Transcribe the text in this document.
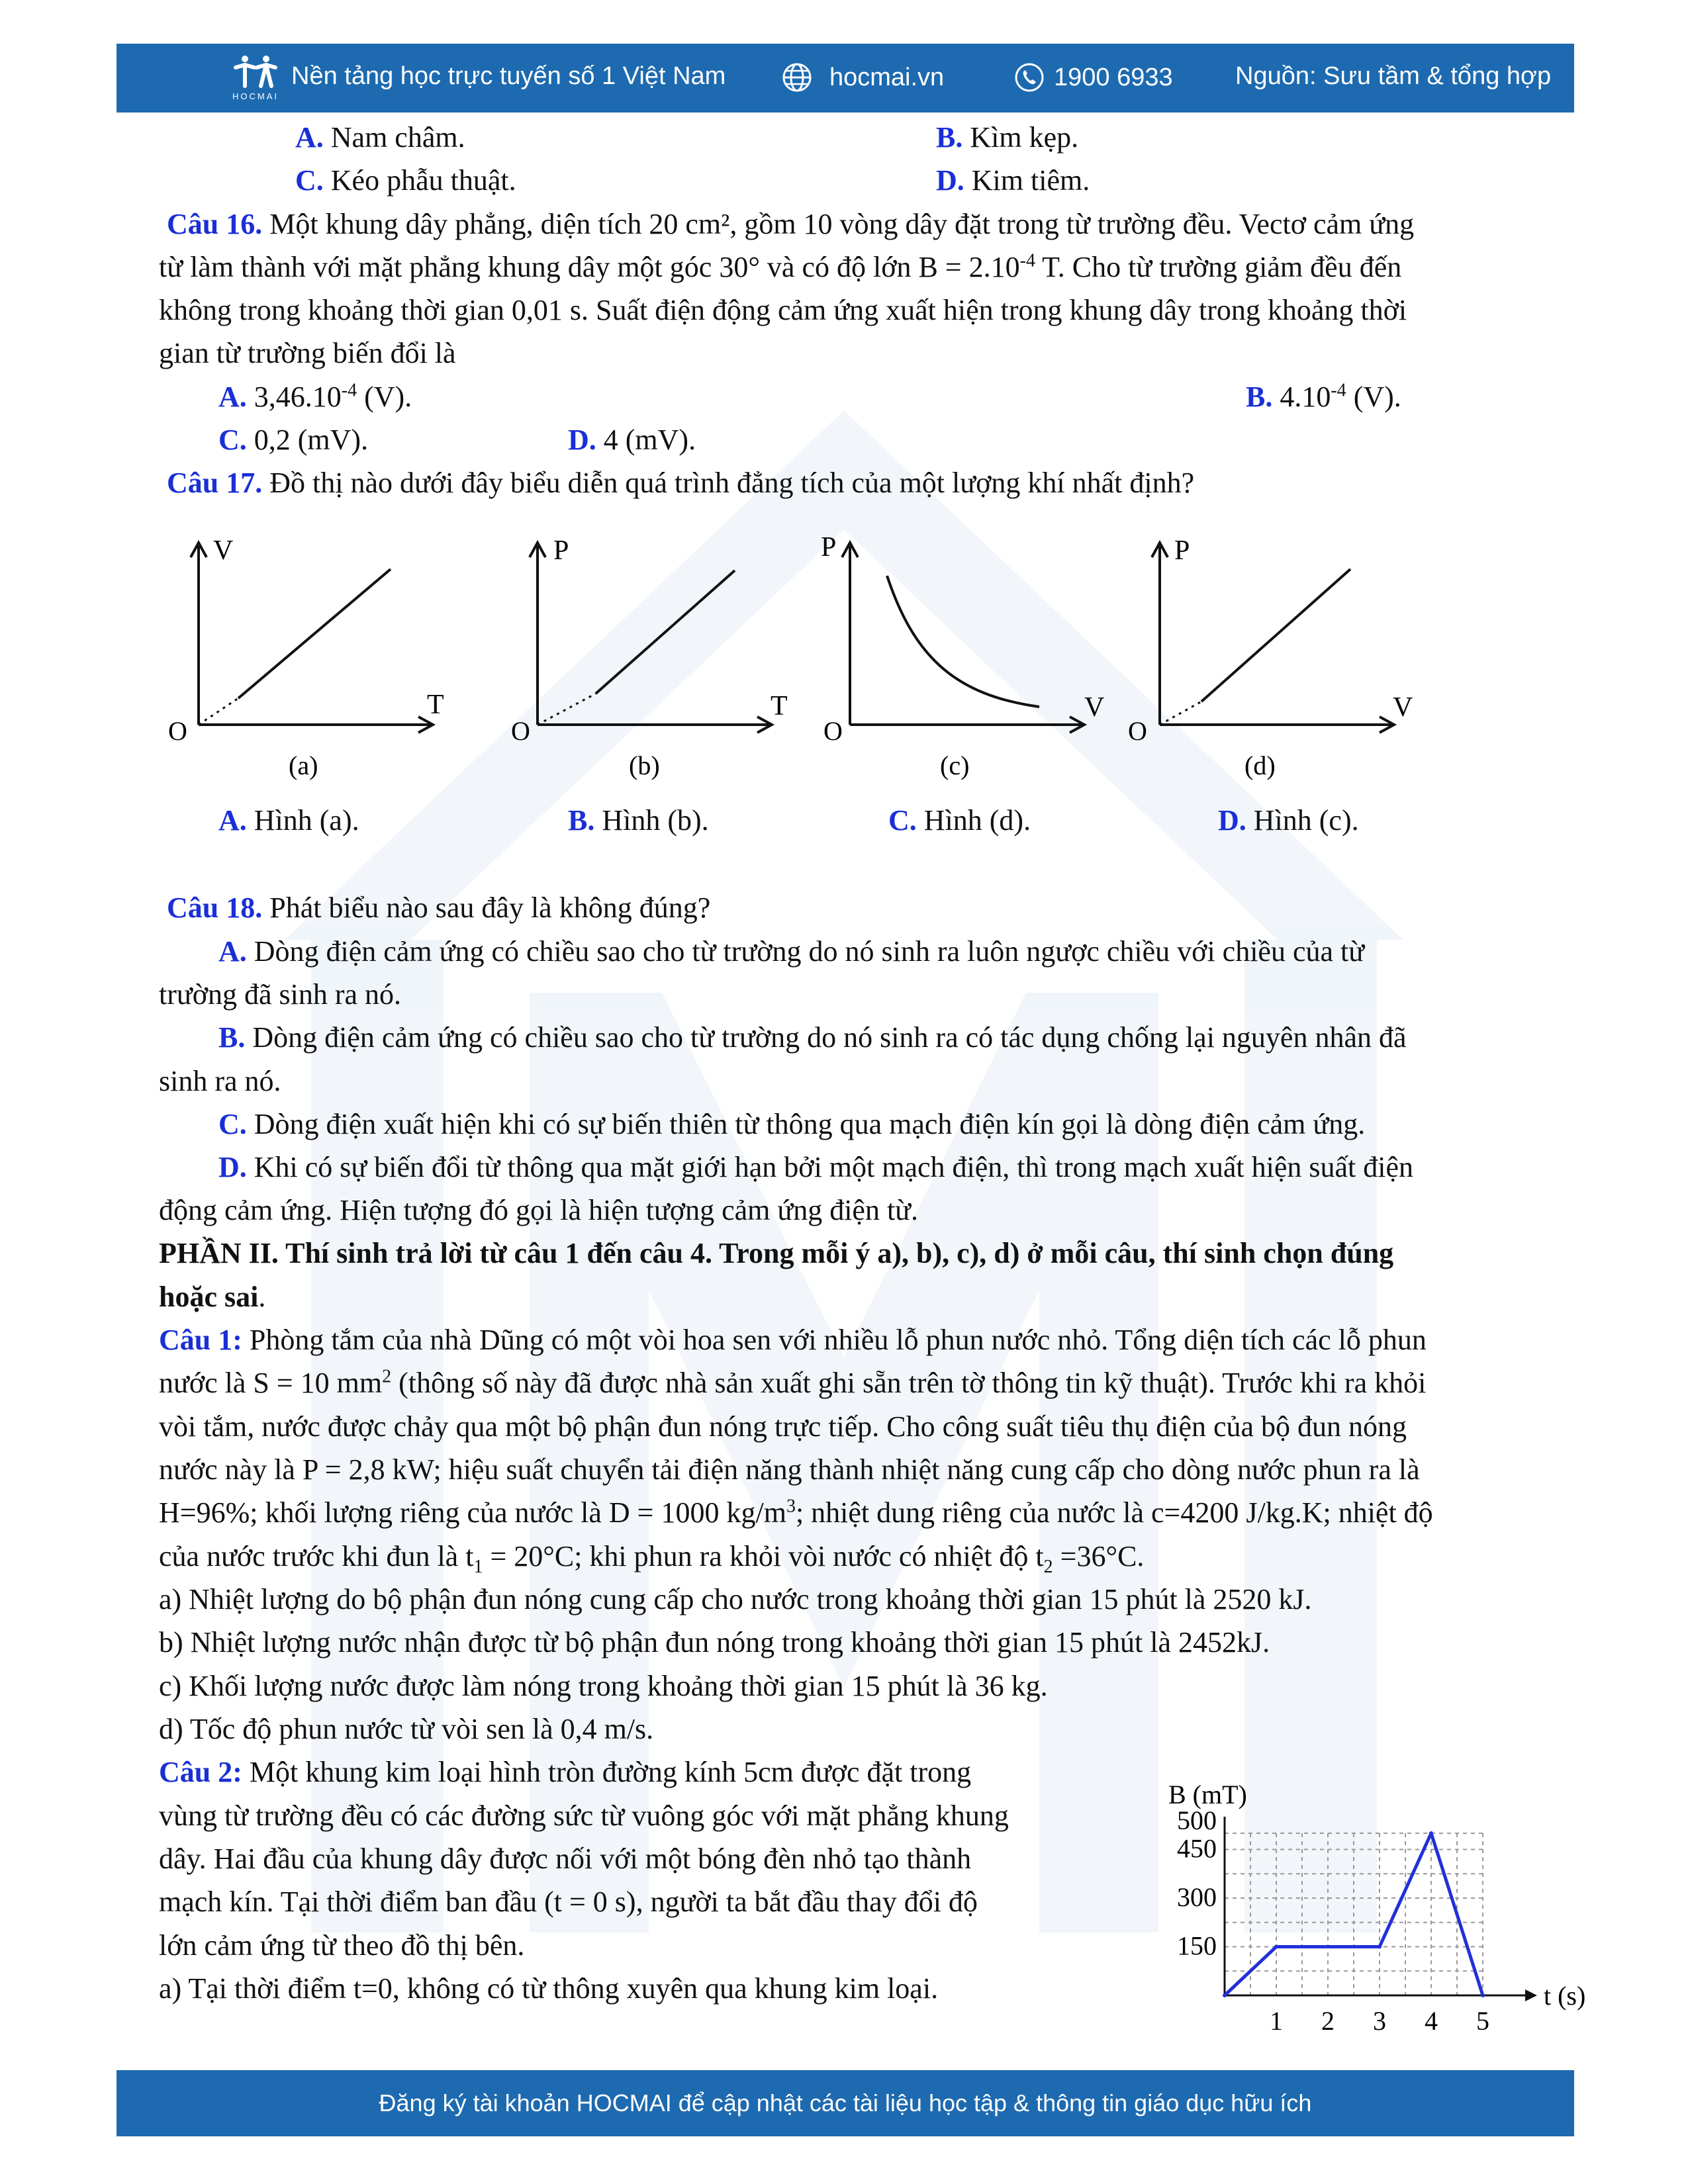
HOCMAI
Nền tảng học trực tuyến số 1 Việt Nam	hocmai.vn	1900 6933 Nguồn: Sưu tầm & tổng hợp
A. Nam châm.	B. Kìm kẹp.
C. Kéo phẫu thuật.	D. Kim tiêm.
Câu 16. Một khung dây phẳng, diện tích 20 cm², gồm 10 vòng dây đặt trong từ trường đều. Vectơ cảm ứng
từ làm thành với mặt phẳng khung dây một góc 30° và có độ lớn $B = 2.10^{-4}$ T. Cho từ trường giảm đều đến
không trong khoảng thời gian 0,01 s. Suất điện động cảm ứng xuất hiện trong khung dây trong khoảng thời
gian từ trường biến đổi là
A. $3,46.10^{-4}$ (V).	B. $4.10^{-4}$ (V).
C. 0,2 (mV).	D. 4 (mV).
Câu 17. Đồ thị nào dưới đây biểu diễn quá trình đẳng tích của một lượng khí nhất định?
V
T
O
(a)
P
T
O
(b)
P
V
O
(c)
P
V
O
(d)
A. Hình (a).	B. Hình (b).	C. Hình (d).	D. Hình (c).
Câu 18. Phát biểu nào sau đây là không đúng?
A. Dòng điện cảm ứng có chiều sao cho từ trường do nó sinh ra luôn ngược chiều với chiều của từ
trường đã sinh ra nó.
B. Dòng điện cảm ứng có chiều sao cho từ trường do nó sinh ra có tác dụng chống lại nguyên nhân đã
sinh ra nó.
C. Dòng điện xuất hiện khi có sự biến thiên từ thông qua mạch điện kín gọi là dòng điện cảm ứng.
D. Khi có sự biến đổi từ thông qua mặt giới hạn bởi một mạch điện, thì trong mạch xuất hiện suất điện
động cảm ứng. Hiện tượng đó gọi là hiện tượng cảm ứng điện từ.
PHẦN II. Thí sinh trả lời từ câu 1 đến câu 4. Trong mỗi ý a), b), c), d) ở mỗi câu, thí sinh chọn đúng
hoặc sai.
Câu 1: Phòng tắm của nhà Dũng có một vòi hoa sen với nhiều lỗ phun nước nhỏ. Tổng diện tích các lỗ phun
nước là S = 10 $mm^2$ (thông số này đã được nhà sản xuất ghi sẵn trên tờ thông tin kỹ thuật). Trước khi ra khỏi
vòi tắm, nước được chảy qua một bộ phận đun nóng trực tiếp. Cho công suất tiêu thụ điện của bộ đun nóng
nước này là P = 2,8 kW; hiệu suất chuyển tải điện năng thành nhiệt năng cung cấp cho dòng nước phun ra là
H=96%; khối lượng riêng của nước là D = 1000 $kg/m^3$; nhiệt dung riêng của nước là c=4200 J/kg.K; nhiệt độ
của nước trước khi đun là $t_1 = 20^\circ C$; khi phun ra khỏi vòi nước có nhiệt độ $t_2 =36^\circ C$.
a) Nhiệt lượng do bộ phận đun nóng cung cấp cho nước trong khoảng thời gian 15 phút là 2520 kJ.
b) Nhiệt lượng nước nhận được từ bộ phận đun nóng trong khoảng thời gian 15 phút là 2452kJ.
c) Khối lượng nước được làm nóng trong khoảng thời gian 15 phút là 36 kg.
d) Tốc độ phun nước từ vòi sen là 0,4 m/s.
Câu 2: Một khung kim loại hình tròn đường kính 5cm được đặt trong
vùng từ trường đều có các đường sức từ vuông góc với mặt phẳng khung
dây. Hai đầu của khung dây được nối với một bóng đèn nhỏ tạo thành
mạch kín. Tại thời điểm ban đầu (t = 0 s), người ta bắt đầu thay đổi độ
lớn cảm ứng từ theo đồ thị bên.
a) Tại thời điểm t=0, không có từ thông xuyên qua khung kim loại.
B (mT)
t (s)
1 2 3 4 5
150
300
450
500
Đăng ký tài khoản HOCMAI để cập nhật các tài liệu học tập & thông tin giáo dục hữu ích
